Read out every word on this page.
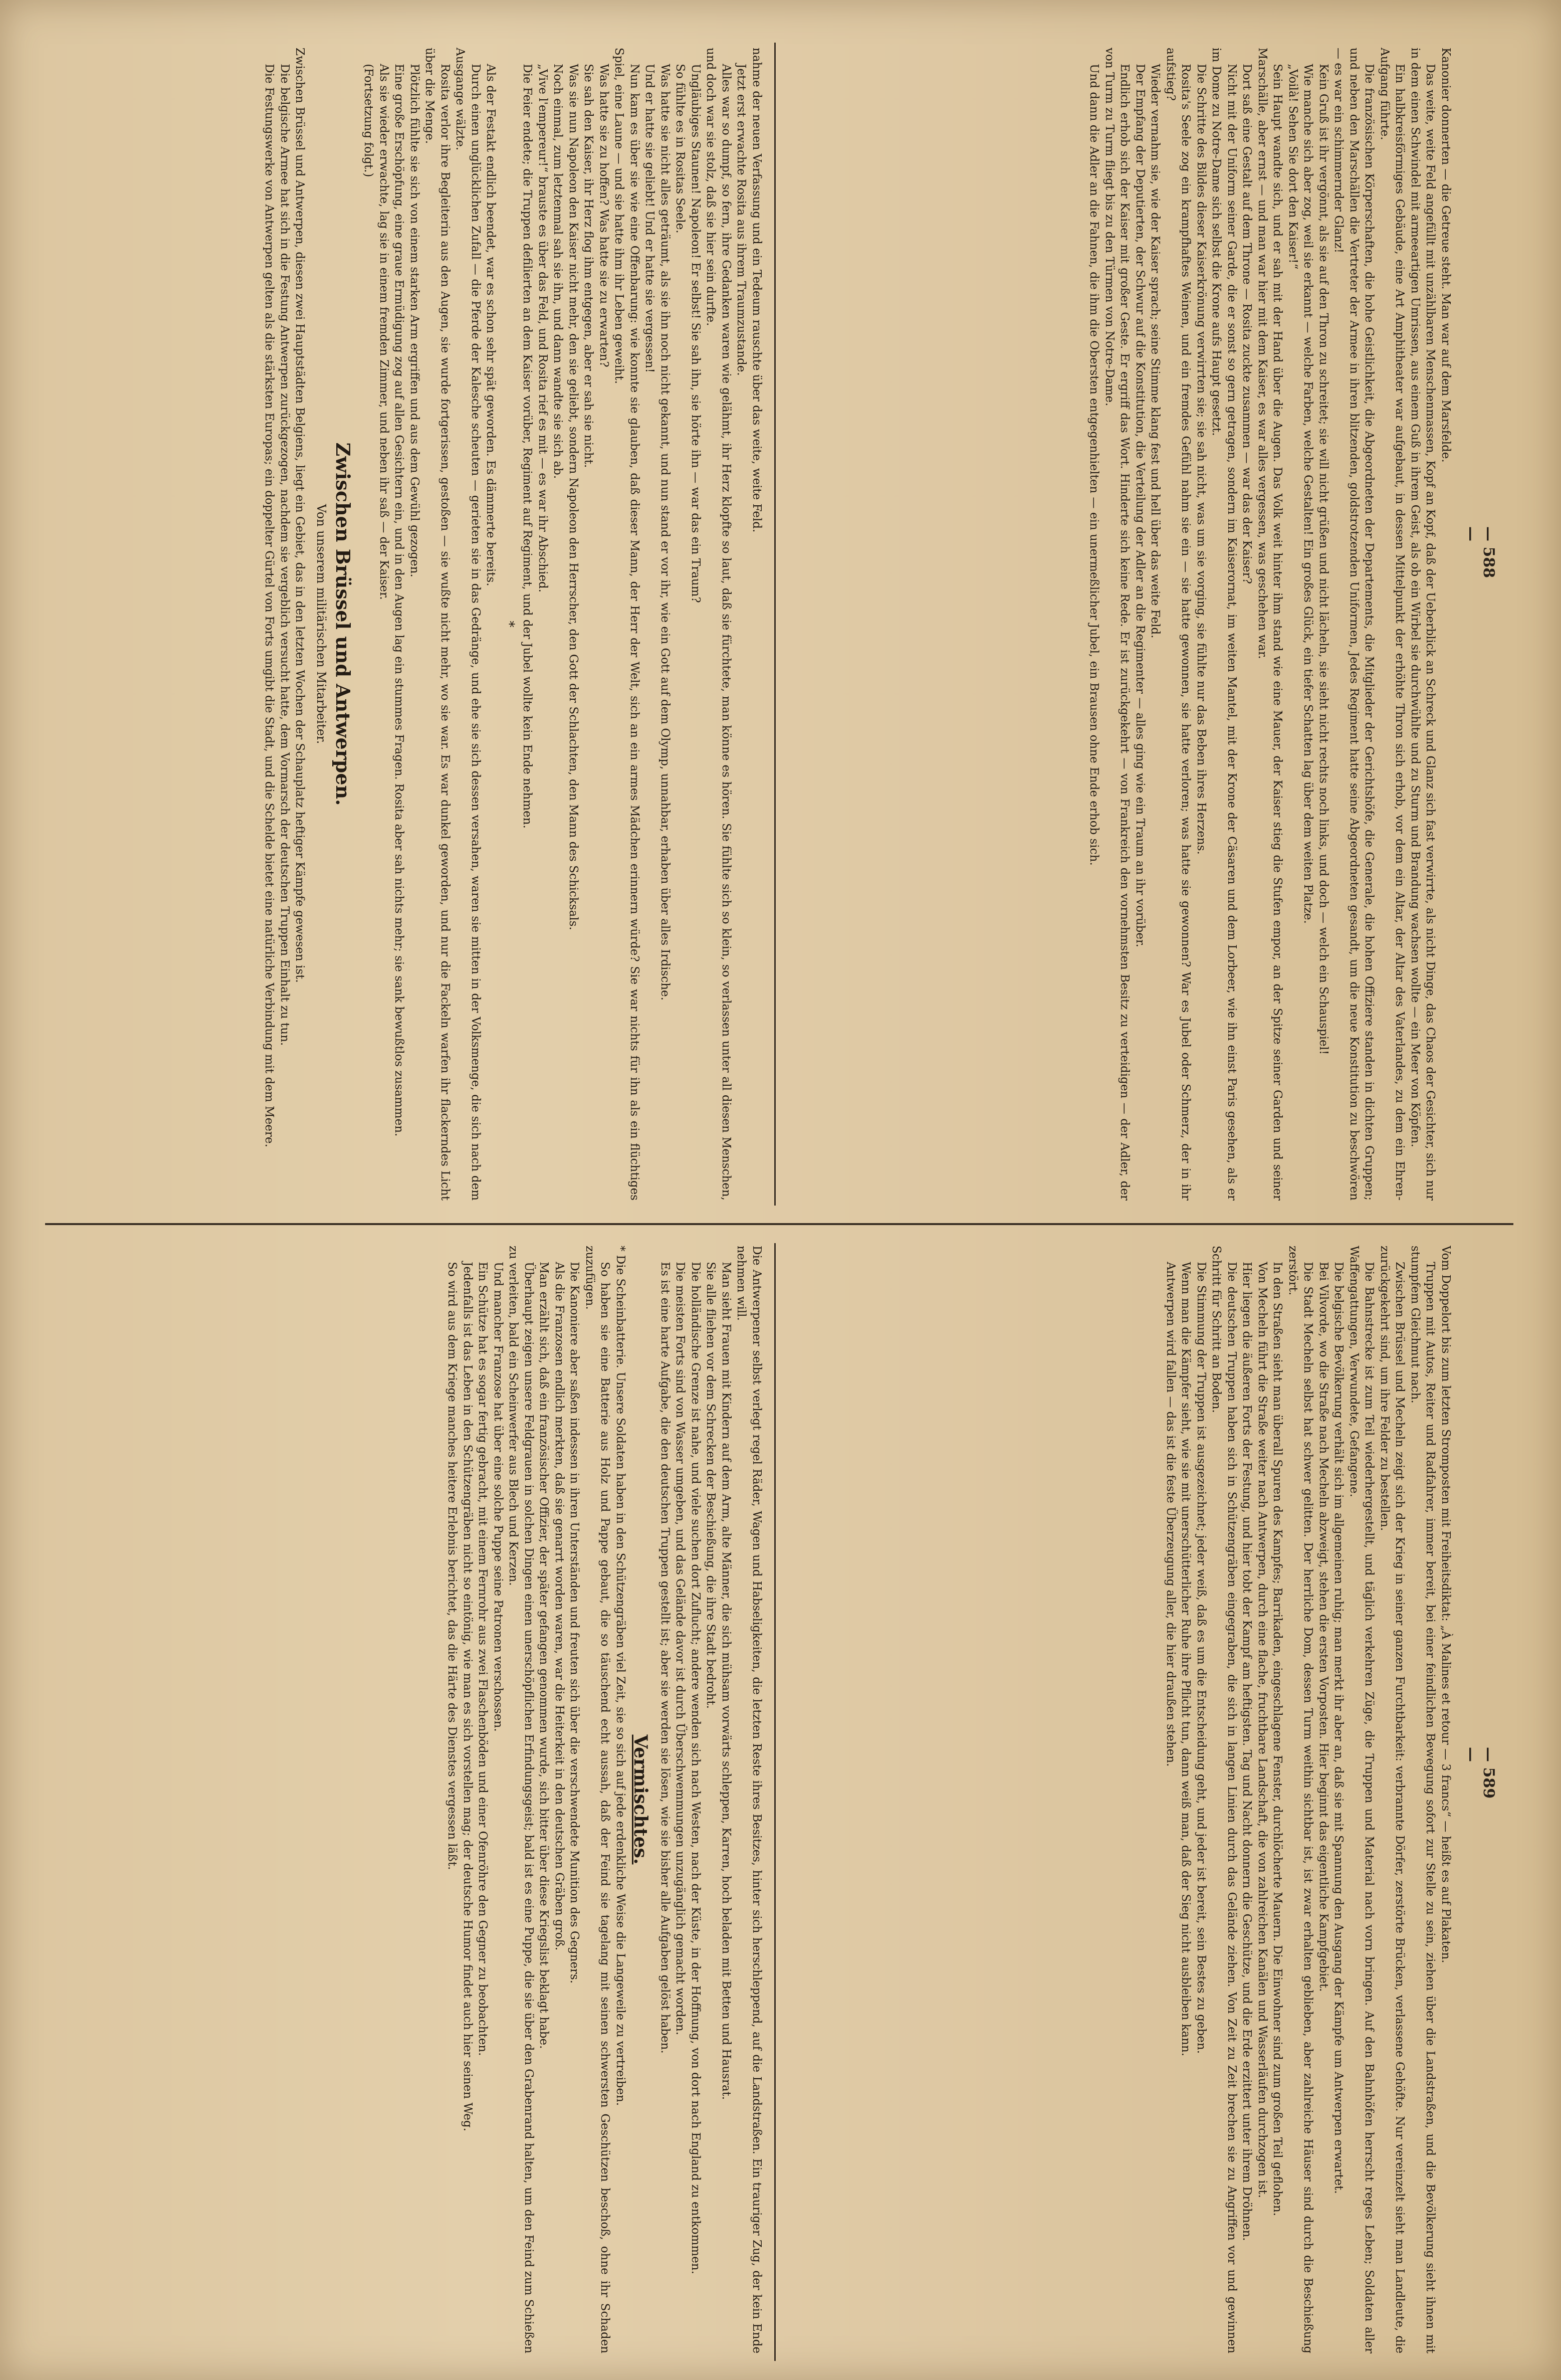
— 588 —
— 589 —

Kanonier donnerten — die Getreue steht. Man war auf dem Marsfelde.

Das weite, weite Feld angefüllt mit unzählbaren Menschenmassen, Kopf an Kopf, daß der Ueberblick an Schreck und Glanz sich fast verwirrte, als nicht Dinge, das Chaos der Gesichter, sich nur in dem einen Schwindel mit armeeartigen Umrissen, aus einem Guß in ihrem Geist, als ob ein Wirbel sie durchwühlte und zu Sturm und Brandung wachsen wollte — ein Meer von Köpfen.

Ein halbkreisförmiges Gebäude, eine Art Amphitheater war aufgebaut, in dessen Mittelpunkt der erhöhte Thron sich erhob, vor dem ein Altar, der Altar des Vaterlandes, zu dem ein Ehren-Aufgang führte.

Die französischen Körperschaften, die hohe Geistlichkeit, die Abgeordneten der Departements, die Mitglieder der Gerichtshöfe, die Generale, die hohen Offiziere standen in dichten Gruppen; und neben den Marschällen die Vertreter der Armee in ihren blitzenden, goldstrotzenden Uniformen, Jedes Regiment hatte seine Abgeordneten gesandt, um die neue Konstitution zu beschwören — es war ein schimmernder Glanz!

Kein Gruß ist ihr vergönnt, als sie auf den Thron zu schreitet; sie will nicht grüßen und nicht lächeln, sie sieht nicht rechts noch links, und doch — welch ein Schauspiel!

Wie manche sich aber zog, weil sie erkannt — welche Farben, welche Gestalten! Ein großes Glück, ein tiefer Schatten lag über dem weiten Platze.

„Voilà! Sehen Sie dort den Kaiser!“

Sein Haupt wandte sich, und er sah mit der Hand über die Augen. Das Volk weit hinter ihm stand wie eine Mauer, der Kaiser stieg die Stufen empor, an der Spitze seiner Garden und seiner Marschälle, aber ernst — und man war hier mit dem Kaiser, es war alles vergessen, was geschehen war.

Dort saß eine Gestalt auf dem Throne — Rosita zuckte zusammen — war das der Kaiser?

Nicht mit der Uniform seiner Garde, die er sonst so gern getragen, sondern im Kaiserornat, im weiten Mantel, mit der Krone der Cäsaren und dem Lorbeer, wie ihn einst Paris gesehen, als er im Dome zu Notre-Dame sich selbst die Krone aufs Haupt gesetzt.

Die Schritte des Bildes dieser Kaiserkrönung verwirrten sie; sie sah nicht, was um sie vorging, sie fühlte nur das Beben ihres Herzens.

Rosita's Seele zog ein krampfhaftes Weinen, und ein fremdes Gefühl nahm sie ein — sie hatte gewonnen, sie hatte verloren; was hatte sie gewonnen? War es Jubel oder Schmerz, der in ihr aufstieg?

Wieder vernahm sie, wie der Kaiser sprach; seine Stimme klang fest und hell über das weite Feld.

Der Empfang der Deputierten, der Schwur auf die Konstitution, die Verteilung der Adler an die Regimenter — alles ging wie ein Traum an ihr vorüber.

Endlich erhob sich der Kaiser mit großer Geste. Er ergriff das Wort. Hinderte sich keine Rede. Er ist zurückgekehrt — von Frankreich den vornehmsten Besitz zu verteidigen — der Adler, der von Turm zu Turm fliegt bis zu den Türmen von Notre-Dame.

Und dann die Adler an die Fahnen, die ihm die Obersten entgegenhielten — ein unermeßlicher Jubel, ein Brausen ohne Ende erhob sich.

nahme der neuen Verfassung und ein Tedeum rauschte über das weite, weite Feld.

Jetzt erst erwachte Rosita aus ihrem Traumzustande.

Alles war so dumpf, so fern, ihre Gedanken waren wie gelähmt, ihr Herz klopfte so laut, daß sie fürchtete, man könne es hören. Sie fühlte sich so klein, so verlassen unter all diesen Menschen, und doch war sie stolz, daß sie hier sein durfte.

Ungläubiges Staunen! Napoleon! Er selbst! Sie sah ihn, sie hörte ihn — war das ein Traum?

So fühlte es in Rositas Seele.

Was hatte sie nicht alles geträumt, als sie ihn noch nicht gekannt, und nun stand er vor ihr, wie ein Gott auf dem Olymp, unnahbar, erhaben über alles Irdische.

Und er hatte sie geliebt! Und er hatte sie vergessen!

Nun kam es über sie wie eine Offenbarung: wie konnte sie glauben, daß dieser Mann, der Herr der Welt, sich an ein armes Mädchen erinnern würde? Sie war nichts für ihn als ein flüchtiges Spiel, eine Laune — und sie hatte ihm ihr Leben geweiht.

Was hatte sie zu hoffen? Was hatte sie zu erwarten?

Sie sah den Kaiser, ihr Herz flog ihm entgegen, aber er sah sie nicht.

Was sie nun Napoleon den Kaiser nicht mehr, den sie geliebt, sondern Napoleon den Herrscher, den Gott der Schlachten, den Mann des Schicksals.

Noch einmal, zum letztenmal sah sie ihn, und dann wandte sie sich ab.

„Vive l'empereur!“ brauste es über das Feld, und Rosita rief es mit — es war ihr Abschied.

Die Feier endete; die Truppen defilierten an dem Kaiser vorüber, Regiment auf Regiment, und der Jubel wollte kein Ende nehmen.

*

Als der Festakt endlich beendet, war es schon sehr spät geworden. Es dämmerte bereits.

Durch einen unglücklichen Zufall — die Pferde der Kalesche scheuten — gerieten sie in das Gedränge, und ehe sie sich dessen versahen, waren sie mitten in der Volksmenge, die sich nach dem Ausgange wälzte.

Rosita verlor ihre Begleiterin aus den Augen, sie wurde fortgerissen, gestoßen — sie wußte nicht mehr, wo sie war. Es war dunkel geworden, und nur die Fackeln warfen ihr flackerndes Licht über die Menge.

Plötzlich fühlte sie sich von einem starken Arm ergriffen und aus dem Gewühl gezogen.

Eine große Erschöpfung, eine graue Ermüdigung zog auf allen Gesichtern ein, und in den Augen lag ein stummes Fragen. Rosita aber sah nichts mehr; sie sank bewußtlos zusammen.

Als sie wieder erwachte, lag sie in einem fremden Zimmer, und neben ihr saß — der Kaiser.

(Fortsetzung folgt.)

Zwischen Brüssel und Antwerpen.
Von unserem militärischen Mitarbeiter.

Zwischen Brüssel und Antwerpen, diesen zwei Hauptstädten Belgiens, liegt ein Gebiet, das in den letzten Wochen der Schauplatz heftiger Kämpfe gewesen ist.

Die belgische Armee hat sich in die Festung Antwerpen zurückgezogen, nachdem sie vergeblich versucht hatte, dem Vormarsch der deutschen Truppen Einhalt zu tun.

Die Festungswerke von Antwerpen gelten als die stärksten Europas; ein doppelter Gürtel von Forts umgibt die Stadt, und die Schelde bietet eine natürliche Verbindung mit dem Meere.

Vom Doppelort bis zum letzten Stromposten mit Freiheitsdiktat: „À Malines et retour — 3 francs“ — heißt es auf Plakaten.

Truppen mit Autos, Reiter und Radfahrer, immer bereit, bei einer feindlichen Bewegung sofort zur Stelle zu sein, ziehen über die Landstraßen, und die Bevölkerung sieht ihnen mit stumpfem Gleichmut nach.

Zwischen Brüssel und Mecheln zeigt sich der Krieg in seiner ganzen Furchtbarkeit: verbrannte Dörfer, zerstörte Brücken, verlassene Gehöfte. Nur vereinzelt sieht man Landleute, die zurückgekehrt sind, um ihre Felder zu bestellen.

Die Bahnstrecke ist zum Teil wiederhergestellt, und täglich verkehren Züge, die Truppen und Material nach vorn bringen. Auf den Bahnhöfen herrscht reges Leben; Soldaten aller Waffengattungen, Verwundete, Gefangene.

Die belgische Bevölkerung verhält sich im allgemeinen ruhig; man merkt ihr aber an, daß sie mit Spannung den Ausgang der Kämpfe um Antwerpen erwartet.

Bei Vilvorde, wo die Straße nach Mecheln abzweigt, stehen die ersten Vorposten. Hier beginnt das eigentliche Kampfgebiet.

Die Stadt Mecheln selbst hat schwer gelitten. Der herrliche Dom, dessen Turm weithin sichtbar ist, ist zwar erhalten geblieben, aber zahlreiche Häuser sind durch die Beschießung zerstört.

In den Straßen sieht man überall Spuren des Kampfes; Barrikaden, eingeschlagene Fenster, durchlöcherte Mauern. Die Einwohner sind zum großen Teil geflohen.

Von Mecheln führt die Straße weiter nach Antwerpen, durch eine flache, fruchtbare Landschaft, die von zahlreichen Kanälen und Wasserläufen durchzogen ist.

Hier liegen die äußeren Forts der Festung, und hier tobt der Kampf am heftigsten. Tag und Nacht donnern die Geschütze, und die Erde erzittert unter ihrem Dröhnen.

Die deutschen Truppen haben sich in Schützengräben eingegraben, die sich in langen Linien durch das Gelände ziehen. Von Zeit zu Zeit brechen sie zu Angriffen vor und gewinnen Schritt für Schritt an Boden.

Die Stimmung der Truppen ist ausgezeichnet; jeder weiß, daß es um die Entscheidung geht, und jeder ist bereit, sein Bestes zu geben.

Wenn man die Kämpfer sieht, wie sie mit unerschütterlicher Ruhe ihre Pflicht tun, dann weiß man, daß der Sieg nicht ausbleiben kann.

Antwerpen wird fallen — das ist die feste Überzeugung aller, die hier draußen stehen.

Die Antwerpener selbst verlegt regel Räder, Wagen und Habseligkeiten, die letzten Reste ihres Besitzes, hinter sich herschleppend, auf die Landstraßen. Ein trauriger Zug, der kein Ende nehmen will.

Man sieht Frauen mit Kindern auf dem Arm, alte Männer, die sich mühsam vorwärts schleppen, Karren, hoch beladen mit Betten und Hausrat.

Sie alle fliehen vor dem Schrecken der Beschießung, die ihre Stadt bedroht.

Die holländische Grenze ist nahe, und viele suchen dort Zuflucht; andere wenden sich nach Westen, nach der Küste, in der Hoffnung, von dort nach England zu entkommen.

Die meisten Forts sind von Wasser umgeben, und das Gelände davor ist durch Überschwemmungen unzugänglich gemacht worden.

Es ist eine harte Aufgabe, die den deutschen Truppen gestellt ist; aber sie werden sie lösen, wie sie bisher alle Aufgaben gelöst haben.

Vermischtes.

* Die Scheinbatterie. Unsere Soldaten haben in den Schützengräben viel Zeit, sie so sich auf jede erdenkliche Weise die Langeweile zu vertreiben.

So haben sie eine Batterie aus Holz und Pappe gebaut, die so täuschend echt aussah, daß der Feind sie tagelang mit seinen schwersten Geschützen beschoß, ohne ihr Schaden zuzufügen.

Die Kanoniere aber saßen indessen in ihren Unterständen und freuten sich über die verschwendete Munition des Gegners.

Als die Franzosen endlich merkten, daß sie genarrt worden waren, war die Heiterkeit in den deutschen Gräben groß.

Man erzählt sich, daß ein französischer Offizier, der später gefangen genommen wurde, sich bitter über diese Kriegslist beklagt habe.

Überhaupt zeigen unsere Feldgrauen in solchen Dingen einen unerschöpflichen Erfindungsgeist; bald ist es eine Puppe, die sie über den Grabenrand halten, um den Feind zum Schießen zu verleiten, bald ein Scheinwerfer aus Blech und Kerzen.

Und mancher Franzose hat über eine solche Puppe seine Patronen verschossen.

Ein Schütze hat es sogar fertig gebracht, mit einem Fernrohr aus zwei Flaschenböden und einer Ofenröhre den Gegner zu beobachten.

Jedenfalls ist das Leben in den Schützengräben nicht so eintönig, wie man es sich vorstellen mag; der deutsche Humor findet auch hier seinen Weg.

So wird aus dem Kriege manches heitere Erlebnis berichtet, das die Härte des Dienstes vergessen läßt.
